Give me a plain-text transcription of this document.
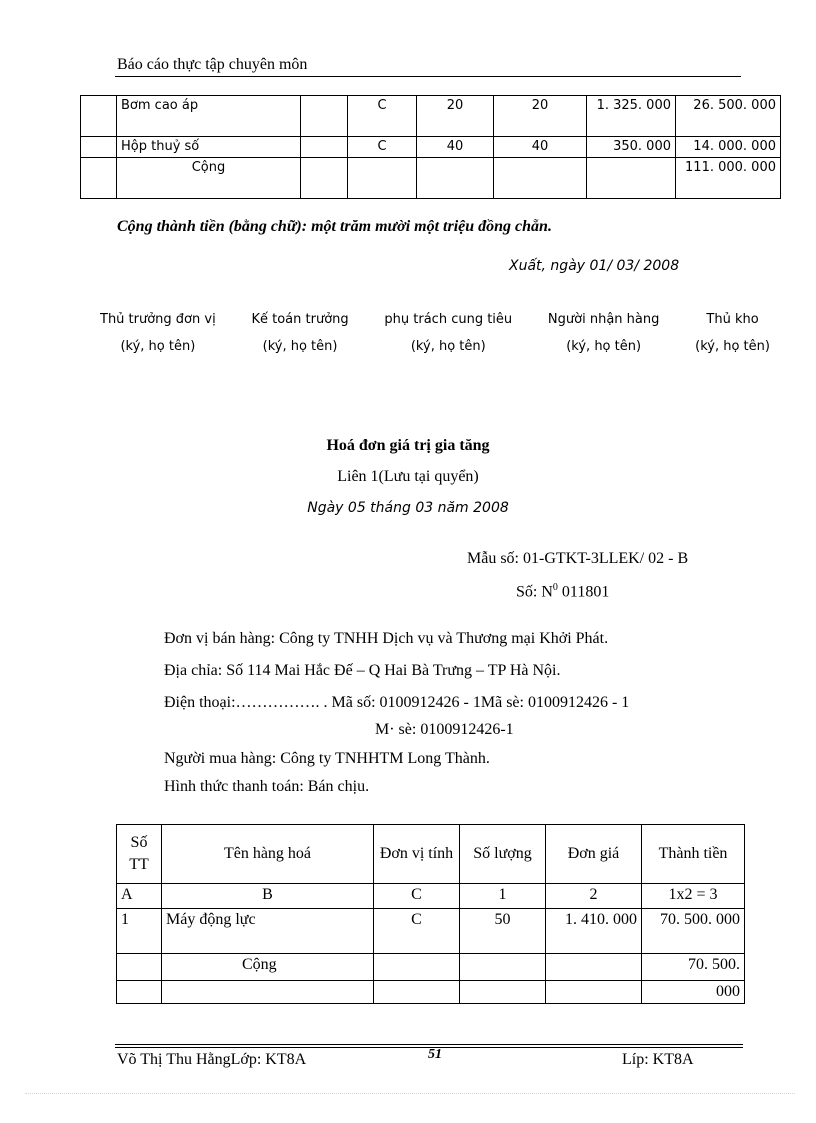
Báo cáo thực tập chuyên môn
	Bơm cao áp		C	20	20	1. 325. 000	26. 500. 000
	Hộp thuỷ số		C	40	40	350. 000	14. 000. 000
	Cộng						111. 000. 000
Cộng thành tiền (bằng chữ): một trăm mười một triệu đồng chẵn.
Xuất, ngày 01/ 03/ 2008
Thủ trưởng đơn vị
(ký, họ tên)
Kế toán trưởng
(ký, họ tên)
phụ trách cung tiêu
(ký, họ tên)
Người nhận hàng
(ký, họ tên)
Thủ kho
(ký, họ tên)
Hoá đơn giá trị gia tăng
Liên 1(Lưu tại quyển)
Ngày 05 tháng 03 năm 2008
Mẫu số: 01-GTKT-3LLEK/ 02 - B
Số: $N^0$ 011801
Đơn vị bán hàng: Công ty TNHH Dịch vụ và Thương mại Khởi Phát.
Địa chỉa: Số 114 Mai Hắc Đế – Q Hai Bà Trưng – TP Hà Nội.
Điện thoại:……………. . Mã số: 0100912426 - 1Mã sè: 0100912426 - 1
M· sè: 0100912426-1
Người mua hàng: Công ty TNHHTM Long Thành.
Hình thức thanh toán: Bán chịu.
Số TT	Tên hàng hoá	Đơn vị tính	Số lượng	Đơn giá	Thành tiền
A	B	C	1	2	1x2 = 3
1	Máy động lực	C	50	1. 410. 000	70. 500. 000
	Cộng				70. 500.
					000
Võ Thị Thu HằngLớp: KT8A	51	Líp: KT8A
